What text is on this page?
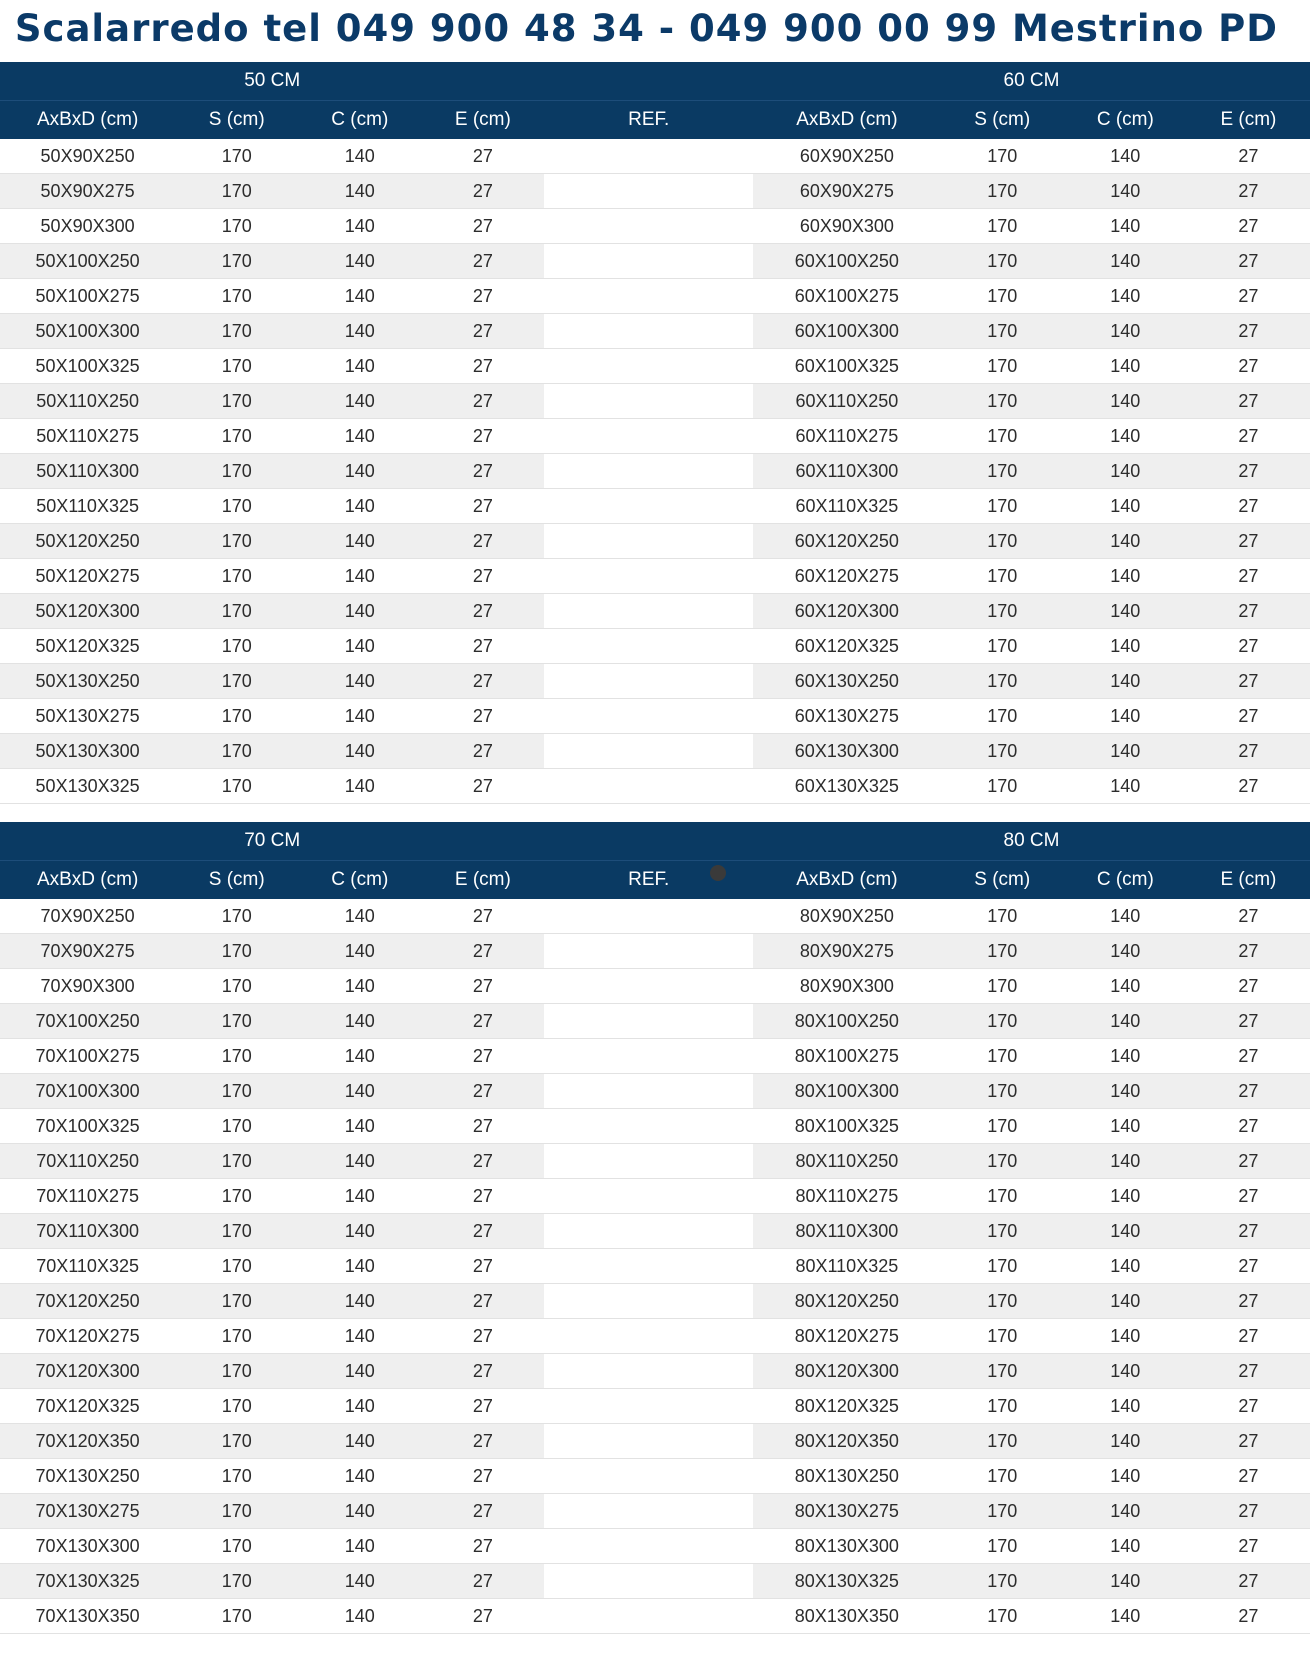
Scalarredo tel 049 900 48 34 - 049 900 00 99 Mestrino PD
50 CM					60 CM			
AxBxD (cm)	S (cm)	C (cm)	E (cm)	REF.	AxBxD (cm)	S (cm)	C (cm)	E (cm)
50X90X250	170	140	27		60X90X250	170	140	27
50X90X275	170	140	27		60X90X275	170	140	27
50X90X300	170	140	27		60X90X300	170	140	27
50X100X250	170	140	27		60X100X250	170	140	27
50X100X275	170	140	27		60X100X275	170	140	27
50X100X300	170	140	27		60X100X300	170	140	27
50X100X325	170	140	27		60X100X325	170	140	27
50X110X250	170	140	27		60X110X250	170	140	27
50X110X275	170	140	27		60X110X275	170	140	27
50X110X300	170	140	27		60X110X300	170	140	27
50X110X325	170	140	27		60X110X325	170	140	27
50X120X250	170	140	27		60X120X250	170	140	27
50X120X275	170	140	27		60X120X275	170	140	27
50X120X300	170	140	27		60X120X300	170	140	27
50X120X325	170	140	27		60X120X325	170	140	27
50X130X250	170	140	27		60X130X250	170	140	27
50X130X275	170	140	27		60X130X275	170	140	27
50X130X300	170	140	27		60X130X300	170	140	27
50X130X325	170	140	27		60X130X325	170	140	27
70 CM					80 CM			
AxBxD (cm)	S (cm)	C (cm)	E (cm)	REF.	AxBxD (cm)	S (cm)	C (cm)	E (cm)
70X90X250	170	140	27		80X90X250	170	140	27
70X90X275	170	140	27		80X90X275	170	140	27
70X90X300	170	140	27		80X90X300	170	140	27
70X100X250	170	140	27		80X100X250	170	140	27
70X100X275	170	140	27		80X100X275	170	140	27
70X100X300	170	140	27		80X100X300	170	140	27
70X100X325	170	140	27		80X100X325	170	140	27
70X110X250	170	140	27		80X110X250	170	140	27
70X110X275	170	140	27		80X110X275	170	140	27
70X110X300	170	140	27		80X110X300	170	140	27
70X110X325	170	140	27		80X110X325	170	140	27
70X120X250	170	140	27		80X120X250	170	140	27
70X120X275	170	140	27		80X120X275	170	140	27
70X120X300	170	140	27		80X120X300	170	140	27
70X120X325	170	140	27		80X120X325	170	140	27
70X120X350	170	140	27		80X120X350	170	140	27
70X130X250	170	140	27		80X130X250	170	140	27
70X130X275	170	140	27		80X130X275	170	140	27
70X130X300	170	140	27		80X130X300	170	140	27
70X130X325	170	140	27		80X130X325	170	140	27
70X130X350	170	140	27		80X130X350	170	140	27
